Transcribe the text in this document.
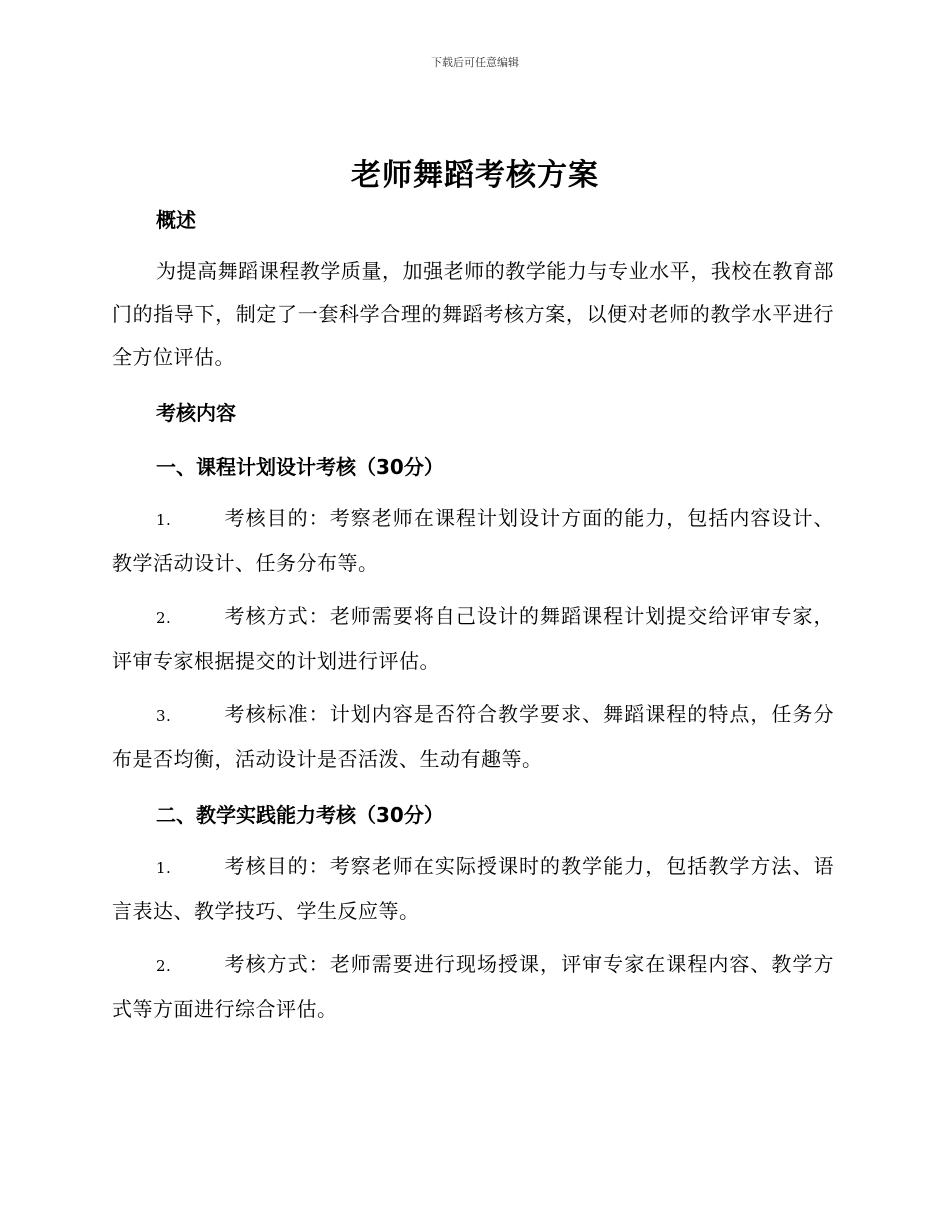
下载后可任意编辑
老师舞蹈考核方案
概述

为提高舞蹈课程教学质量，加强老师的教学能力与专业水平，我校在教育部门的指导下，制定了一套科学合理的舞蹈考核方案，以便对老师的教学水平进行全方位评估。

考核内容
一、课程计划设计考核（30分）

1.	考核目的：考察老师在课程计划设计方面的能力，包括内容设计、教学活动设计、任务分布等。

2.	考核方式：老师需要将自己设计的舞蹈课程计划提交给评审专家，评审专家根据提交的计划进行评估。

3.	考核标准：计划内容是否符合教学要求、舞蹈课程的特点，任务分布是否均衡，活动设计是否活泼、生动有趣等。

二、教学实践能力考核（30分）

1.	考核目的：考察老师在实际授课时的教学能力，包括教学方法、语言表达、教学技巧、学生反应等。

2.	考核方式：老师需要进行现场授课，评审专家在课程内容、教学方式等方面进行综合评估。
